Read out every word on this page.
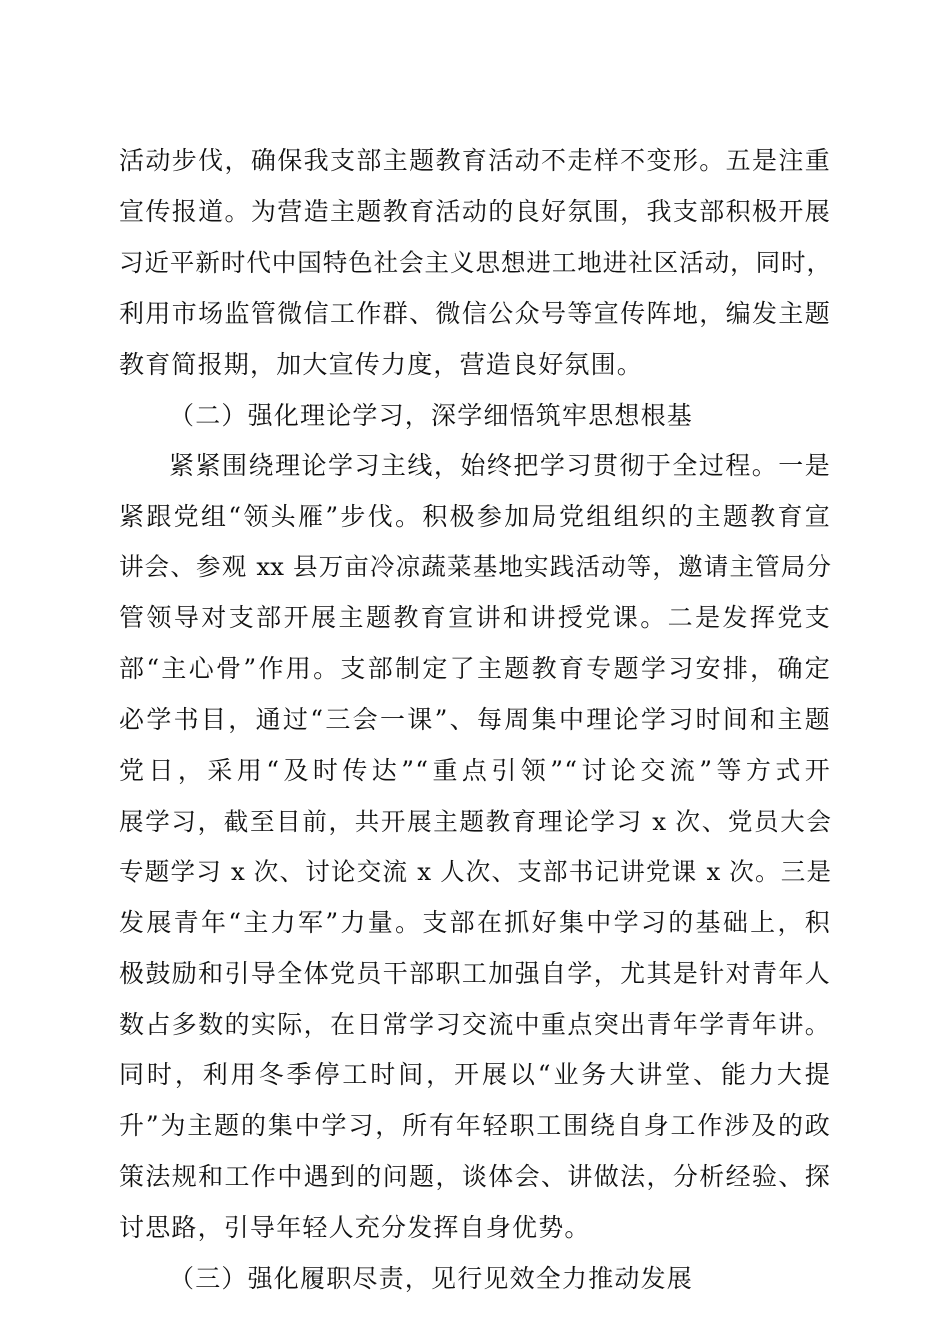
活动步伐，确保我支部主题教育活动不走样不变形。五是注重
宣传报道。为营造主题教育活动的良好氛围，我支部积极开展
习近平新时代中国特色社会主义思想进工地进社区活动，同时，
利用市场监管微信工作群、微信公众号等宣传阵地，编发主题
教育简报期，加大宣传力度，营造良好氛围。
（二）强化理论学习，深学细悟筑牢思想根基
紧紧围绕理论学习主线，始终把学习贯彻于全过程。一是
紧跟党组“领头雁”步伐。积极参加局党组组织的主题教育宣
讲会、参观 xx 县万亩冷凉蔬菜基地实践活动等，邀请主管局分
管领导对支部开展主题教育宣讲和讲授党课。二是发挥党支
部“主心骨”作用。支部制定了主题教育专题学习安排，确定
必学书目，通过“三会一课”、每周集中理论学习时间和主题
党日，采用“及时传达”“重点引领”“讨论交流”等方式开
展学习，截至目前，共开展主题教育理论学习 x 次、党员大会
专题学习 x 次、讨论交流 x 人次、支部书记讲党课 x 次。三是
发展青年“主力军”力量。支部在抓好集中学习的基础上，积
极鼓励和引导全体党员干部职工加强自学，尤其是针对青年人
数占多数的实际，在日常学习交流中重点突出青年学青年讲。
同时，利用冬季停工时间，开展以“业务大讲堂、能力大提
升”为主题的集中学习，所有年轻职工围绕自身工作涉及的政
策法规和工作中遇到的问题，谈体会、讲做法，分析经验、探
讨思路，引导年轻人充分发挥自身优势。
（三）强化履职尽责，见行见效全力推动发展
